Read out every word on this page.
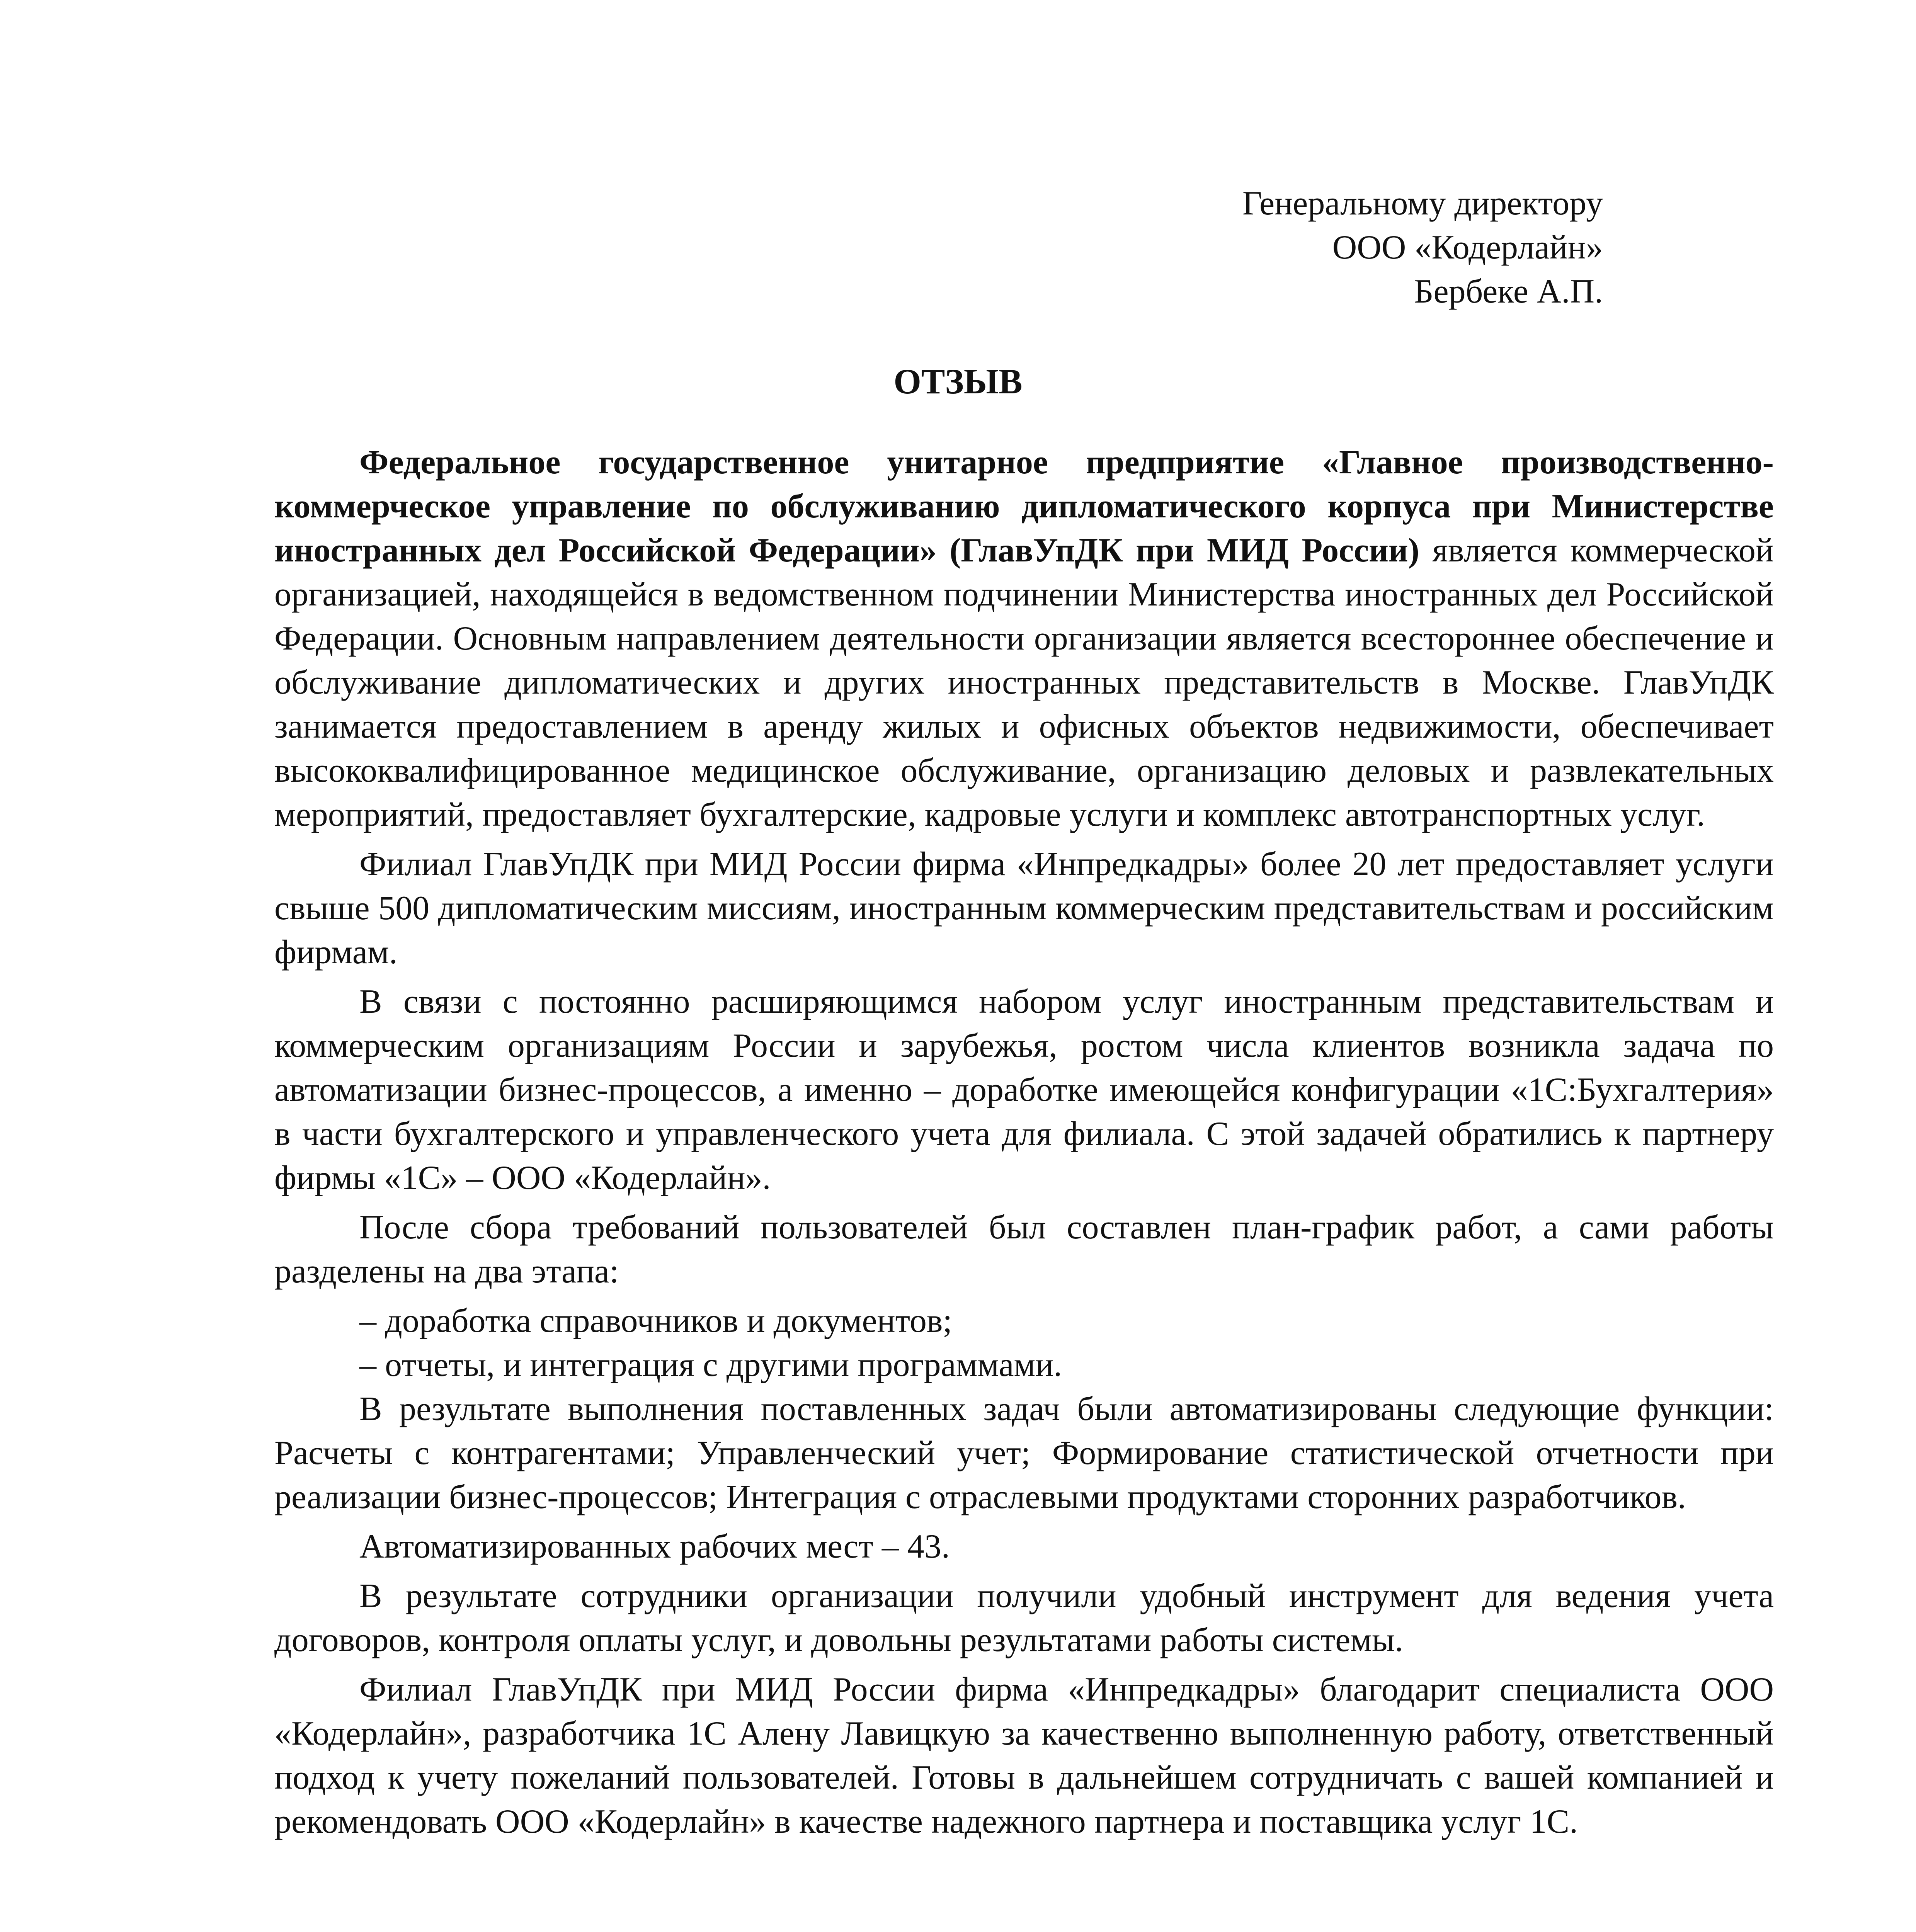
Генеральному директору
ООО «Кодерлайн»
Бербеке А.П.
ОТЗЫВ

Федеральное государственное унитарное предприятие «Главное производственно-коммерческое управление по обслуживанию дипломатического корпуса при Министерстве иностранных дел Российской Федерации» (ГлавУпДК при МИД России) является коммерческой организацией, находящейся в ведомственном подчинении Министерства иностранных дел Российской Федерации. Основным направлением деятельности организации является всестороннее обеспечение и обслуживание дипломатических и других иностранных представительств в Москве. ГлавУпДК занимается предоставлением в аренду жилых и офисных объектов недвижимости, обеспечивает высококвалифицированное медицинское обслуживание, организацию деловых и развлекательных мероприятий, предоставляет бухгалтерские, кадровые услуги и комплекс автотранспортных услуг.

Филиал ГлавУпДК при МИД России фирма «Инпредкадры» более 20 лет предоставляет услуги свыше 500 дипломатическим миссиям, иностранным коммерческим представительствам и российским фирмам.

В связи с постоянно расширяющимся набором услуг иностранным представительствам и коммерческим организациям России и зарубежья, ростом числа клиентов возникла задача по автоматизации бизнес-процессов, а именно – доработке имеющейся конфигурации «1С:Бухгалтерия» в части бухгалтерского и управленческого учета для филиала. С этой задачей обратились к партнеру фирмы «1С» – ООО «Кодерлайн».

После сбора требований пользователей был составлен план-график работ, а сами работы разделены на два этапа:

– доработка справочников и документов;

– отчеты, и интеграция с другими программами.

В результате выполнения поставленных задач были автоматизированы следующие функции: Расчеты с контрагентами; Управленческий учет; Формирование статистической отчетности при реализации бизнес-процессов; Интеграция с отраслевыми продуктами сторонних разработчиков.

Автоматизированных рабочих мест – 43.

В результате сотрудники организации получили удобный инструмент для ведения учета договоров, контроля оплаты услуг, и довольны результатами работы системы.

Филиал ГлавУпДК при МИД России фирма «Инпредкадры» благодарит специалиста ООО «Кодерлайн», разработчика 1С Алену Лавицкую за качественно выполненную работу, ответственный подход к учету пожеланий пользователей. Готовы в дальнейшем сотрудничать с вашей компанией и рекомендовать ООО «Кодерлайн» в качестве надежного партнера и поставщика услуг 1С.
